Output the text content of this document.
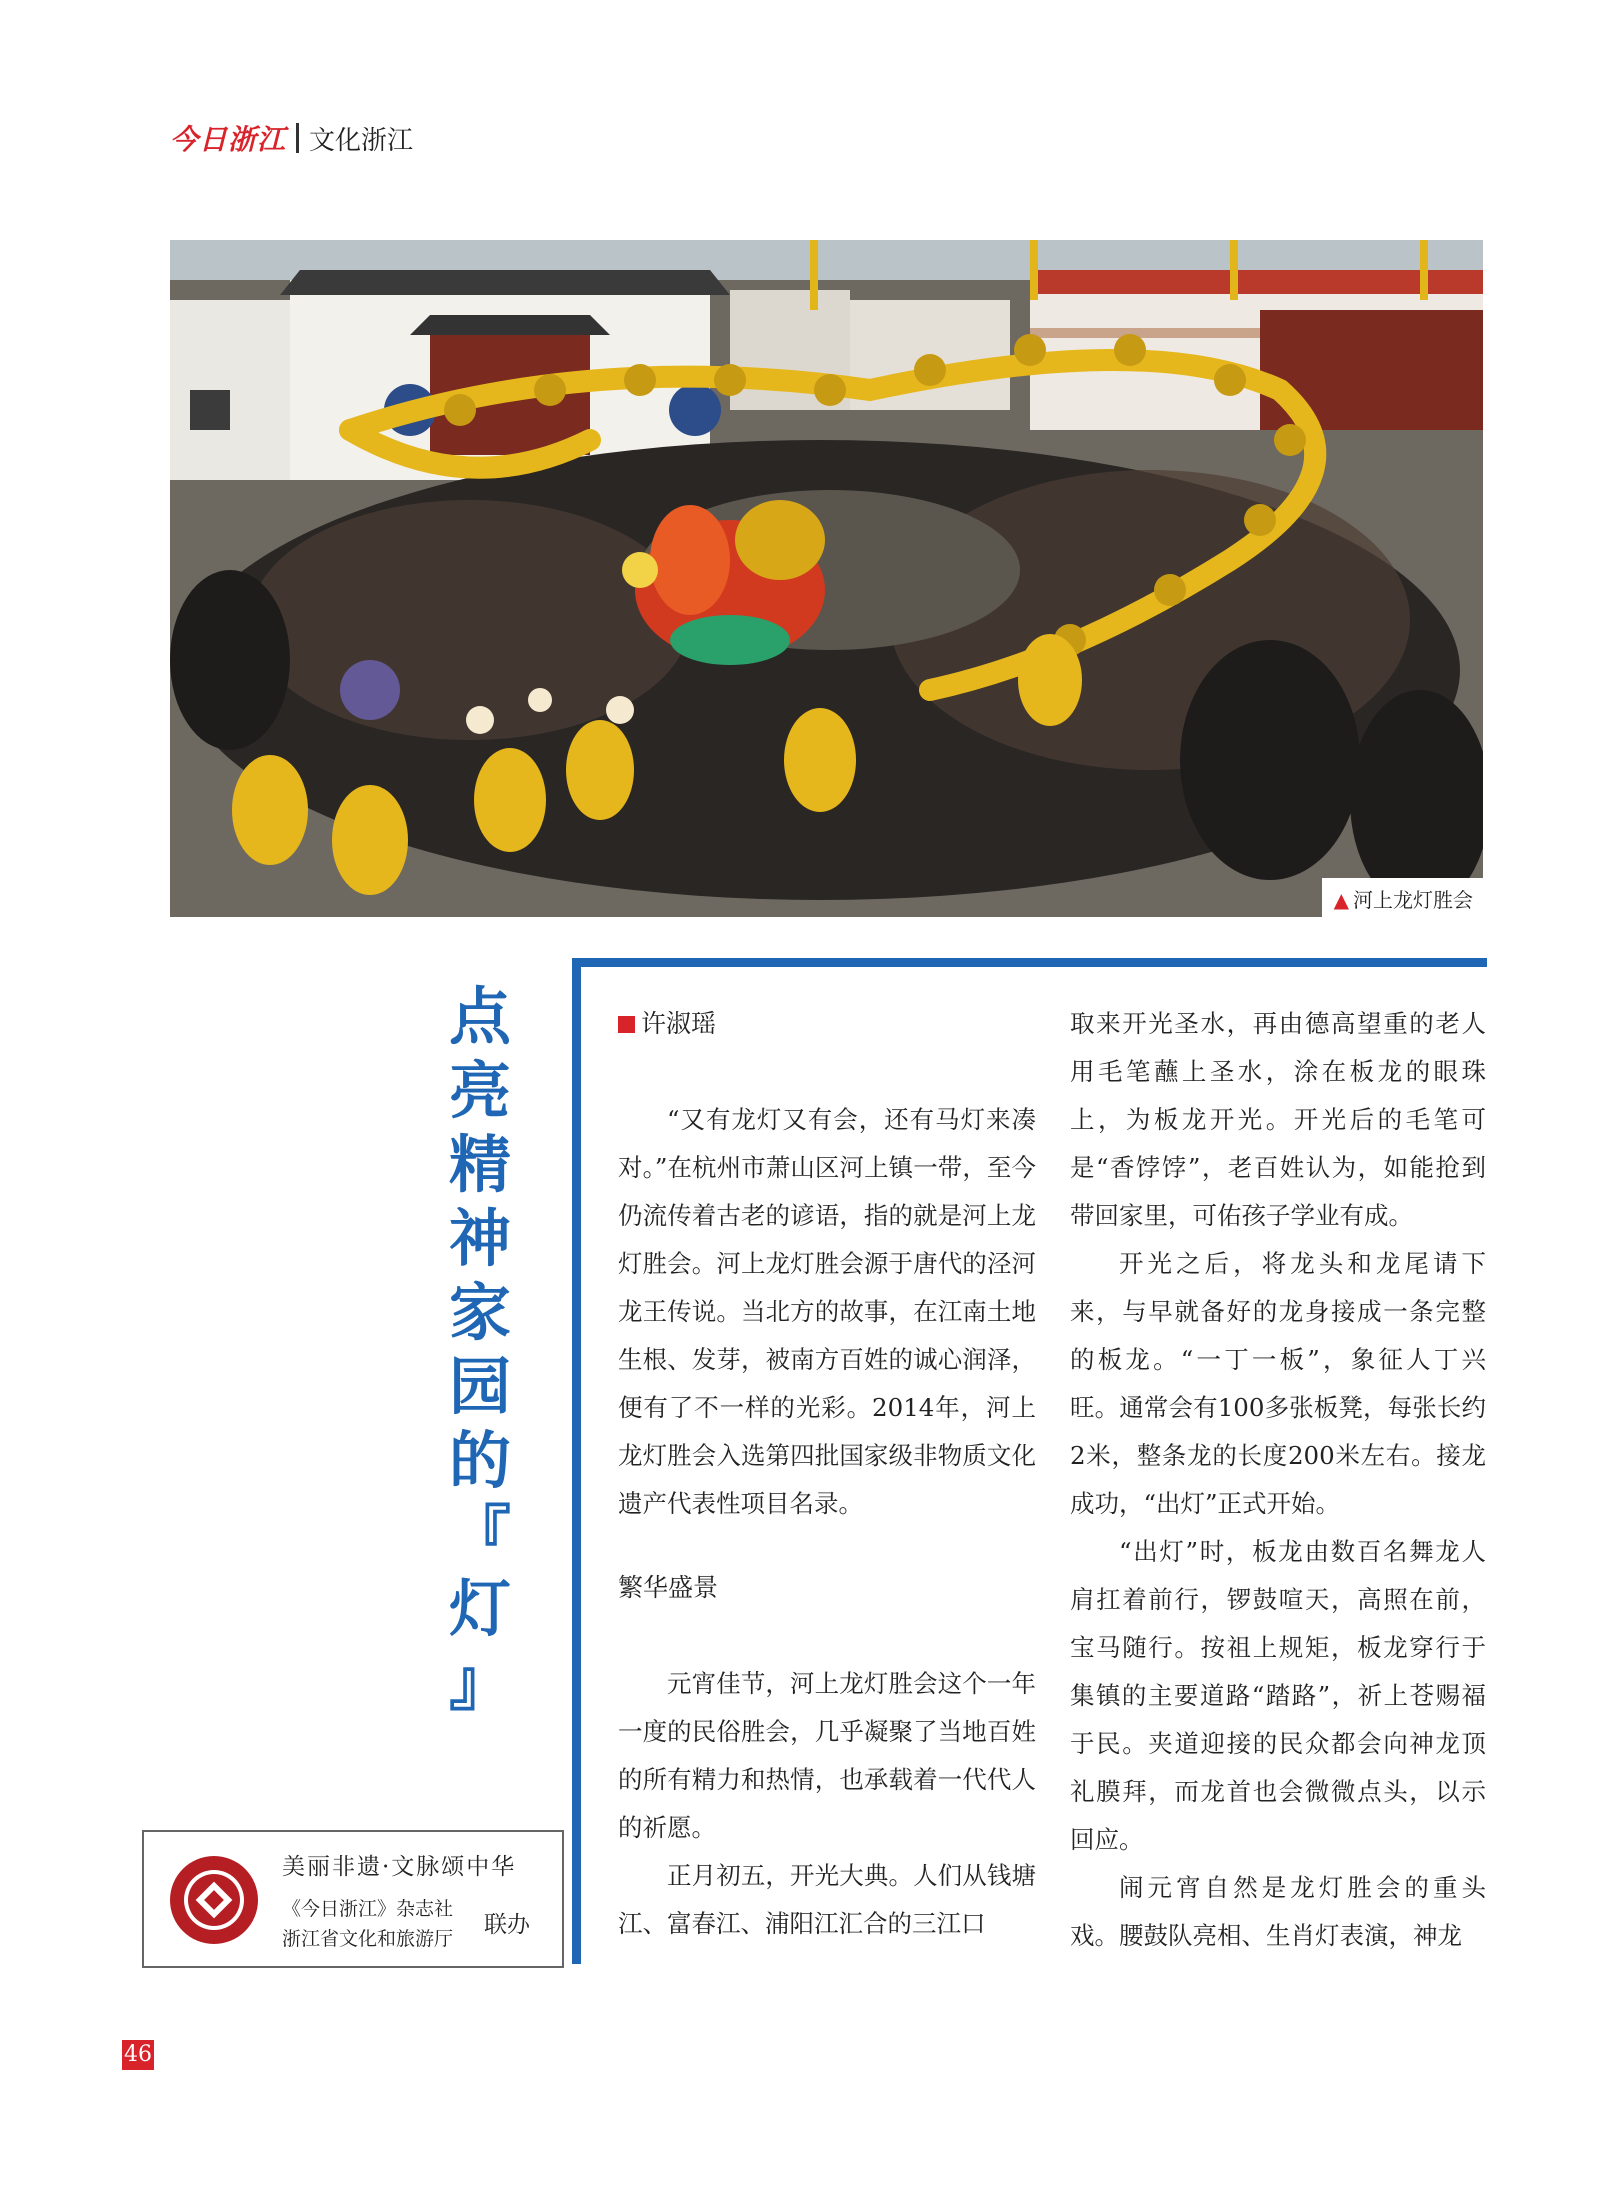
今日浙江 文化浙江
▲ 河上龙灯胜会
点
亮
精
神
家
园
的
『
灯
』

许淑瑶

“又有龙灯又有会，还有马灯来凑对。”在杭州市萧山区河上镇一带，至今仍流传着古老的谚语，指的就是河上龙灯胜会。河上龙灯胜会源于唐代的泾河龙王传说。当北方的故事，在江南土地生根、发芽，被南方百姓的诚心润泽，便有了不一样的光彩。2014年，河上龙灯胜会入选第四批国家级非物质文化遗产代表性项目名录。

繁华盛景

元宵佳节，河上龙灯胜会这个一年一度的民俗胜会，几乎凝聚了当地百姓的所有精力和热情，也承载着一代代人的祈愿。

正月初五，开光大典。人们从钱塘江、富春江、浦阳江汇合的三江口

取来开光圣水，再由德高望重的老人用毛笔蘸上圣水，涂在板龙的眼珠上，为板龙开光。开光后的毛笔可是“香饽饽”，老百姓认为，如能抢到带回家里，可佑孩子学业有成。

开光之后，将龙头和龙尾请下来，与早就备好的龙身接成一条完整的板龙。“一丁一板”，象征人丁兴旺。通常会有100多张板凳，每张长约2米，整条龙的长度200米左右。接龙成功，“出灯”正式开始。

“出灯”时，板龙由数百名舞龙人肩扛着前行，锣鼓喧天，高照在前，宝马随行。按祖上规矩，板龙穿行于集镇的主要道路“踏路”，祈上苍赐福于民。夹道迎接的民众都会向神龙顶礼膜拜，而龙首也会微微点头，以示回应。

闹元宵自然是龙灯胜会的重头戏。腰鼓队亮相、生肖灯表演，神龙

美丽非遗·文脉颂中华
《今日浙江》杂志社
浙江省文化和旅游厅
联办
46
